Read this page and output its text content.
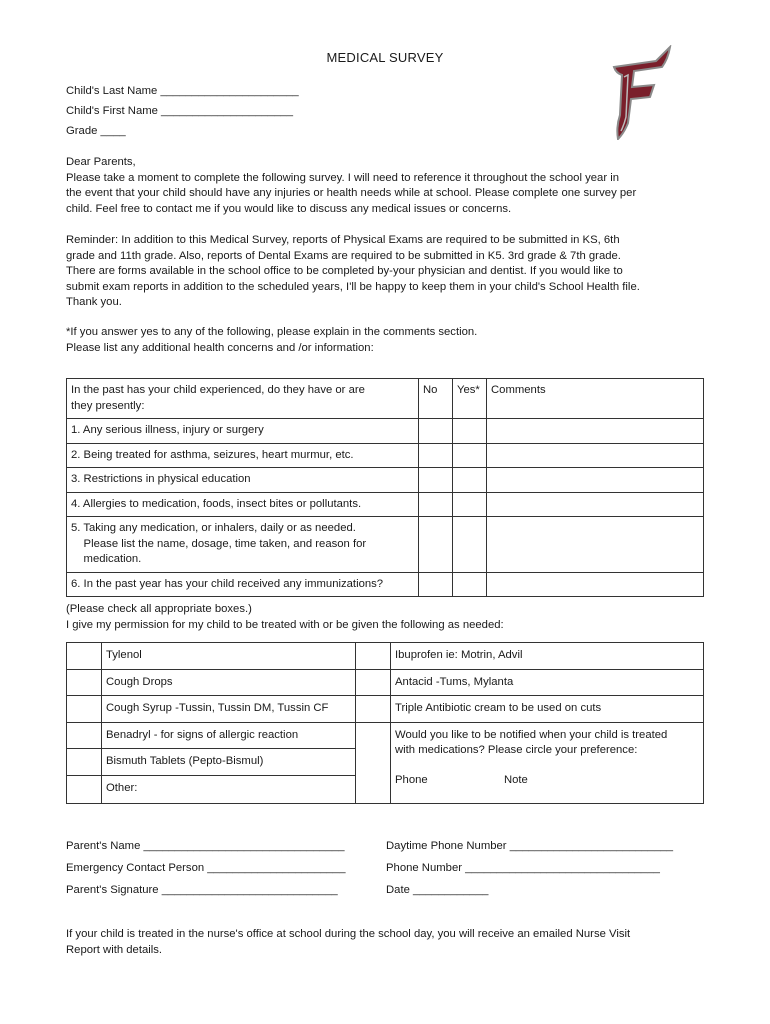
MEDICAL SURVEY
Child's Last Name ______________________
Child's First Name _____________________
Grade ____
Dear Parents,
Please take a moment to complete the following survey. I will need to reference it throughout the school year in
the event that your child should have any injuries or health needs while at school. Please complete one survey per
child. Feel free to contact me if you would like to discuss any medical issues or concerns.
Reminder: In addition to this Medical Survey, reports of Physical Exams are required to be submitted in KS, 6th
grade and 11th grade. Also, reports of Dental Exams are required to be submitted in K5. 3rd grade & 7th grade.
There are forms available in the school office to be completed by-your physician and dentist. If you would like to
submit exam reports in addition to the scheduled years, I'll be happy to keep them in your child's School Health file.
Thank you.
*If you answer yes to any of the following, please explain in the comments section.
Please list any additional health concerns and /or information:
In the past has your child experienced, do they have or are
they presently:	No	Yes*	Comments
1. Any serious illness, injury or surgery			
2. Being treated for asthma, seizures, heart murmur, etc.			
3. Restrictions in physical education			
4. Allergies to medication, foods, insect bites or pollutants.			

5. Taking any medication, or inhalers, daily or as needed.
Please list the name, dosage, time taken, and reason for
medication.			

6. In the past year has your child received any immunizations?			
(Please check all appropriate boxes.)
I give my permission for my child to be treated with or be given the following as needed:
	Tylenol		Ibuprofen ie: Motrin, Advil
	Cough Drops		Antacid -Tums, Mylanta
	Cough Syrup -Tussin, Tussin DM, Tussin CF		Triple Antibiotic cream to be used on cuts
	Benadryl - for signs of allergic reaction		Would you like to be notified when your child is treated
with medications? Please circle your preference:
Phone Note

	Bismuth Tablets (Pepto-Bismul)		
	Other:		
Parent's Name ________________________________	Daytime Phone Number __________________________
Emergency Contact Person ______________________	Phone Number _______________________________
Parent's Signature ____________________________	Date ____________
If your child is treated in the nurse's office at school during the school day, you will receive an emailed Nurse Visit
Report with details.
